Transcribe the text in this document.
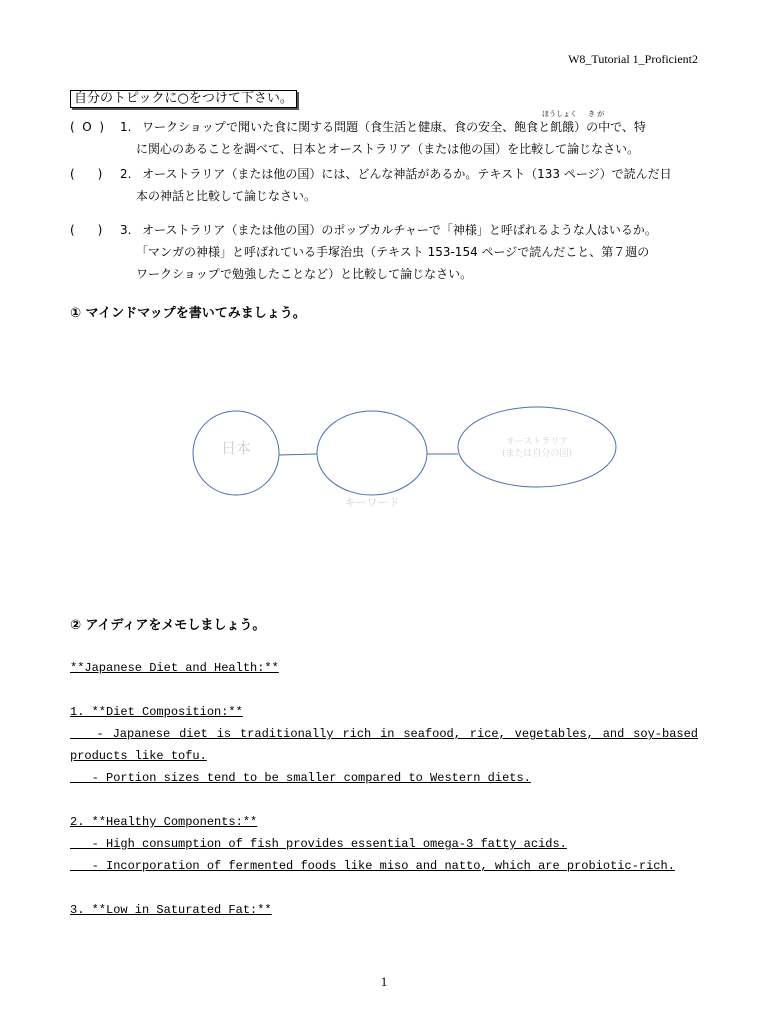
W8_Tutorial 1_Proficient2
自分のトピックに○をつけて下さい。
ほうしょく き が
(  O  ) 1. ワークショップで聞いた食に関する問題（食生活と健康、食の安全、飽食と飢餓）の中で、特
に関心のあることを調べて、日本とオーストラリア（または他の国）を比較して論じなさい。
(      ) 2. オーストラリア（または他の国）には、どんな神話があるか。テキスト（133 ページ）で読んだ日
本の神話と比較して論じなさい。
(      ) 3. オーストラリア（または他の国）のポップカルチャーで「神様」と呼ばれるような人はいるか。
「マンガの神様」と呼ばれている手塚治虫（テキスト 153-154 ページで読んだこと、第７週の
ワークショップで勉強したことなど）と比較して論じなさい。
① マインドマップを書いてみましょう。
日本	オーストラリア
(または自分の国)
キーワード
② アイディアをメモしましょう。
**Japanese Diet and Health:**

1. **Diet Composition:**
- Japanese diet is traditionally rich in seafood, rice, vegetables, and soy-based
products like tofu.
- Portion sizes tend to be smaller compared to Western diets.

2. **Healthy Components:**
- High consumption of fish provides essential omega-3 fatty acids.
- Incorporation of fermented foods like miso and natto, which are probiotic-rich.

3. **Low in Saturated Fat:**
1
